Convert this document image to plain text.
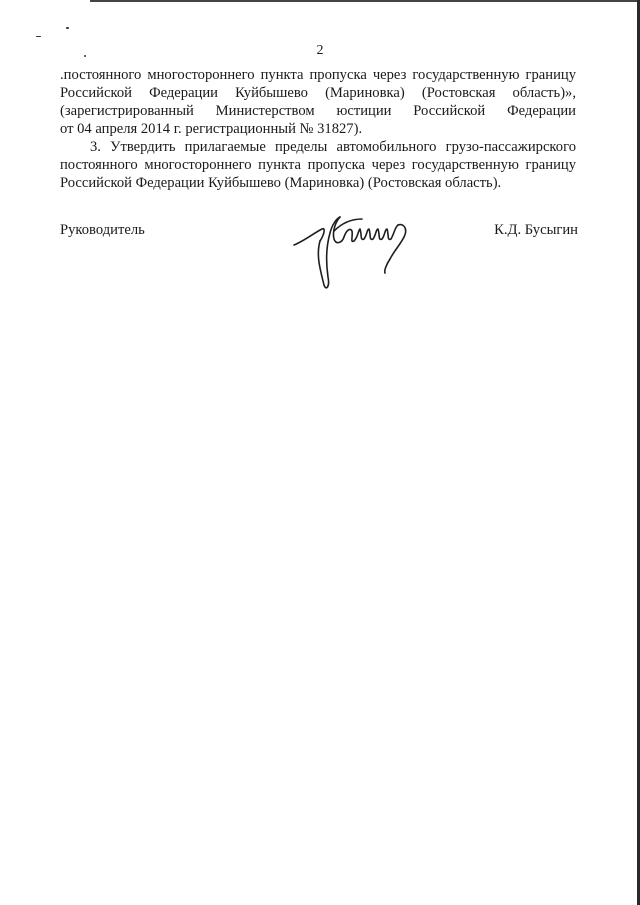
2

.постоянного многостороннего пункта пропуска через государственную границу
Российской Федерации Куйбышево (Мариновка) (Ростовская область)»,
(зарегистрированный Министерством юстиции Российской Федерации
от 04 апреля 2014 г. регистрационный № 31827).

3. Утвердить прилагаемые пределы автомобильного грузо-пассажирского
постоянного многостороннего пункта пропуска через государственную границу
Российской Федерации Куйбышево (Мариновка) (Ростовская область).

Руководитель	К.Д. Бусыгин
